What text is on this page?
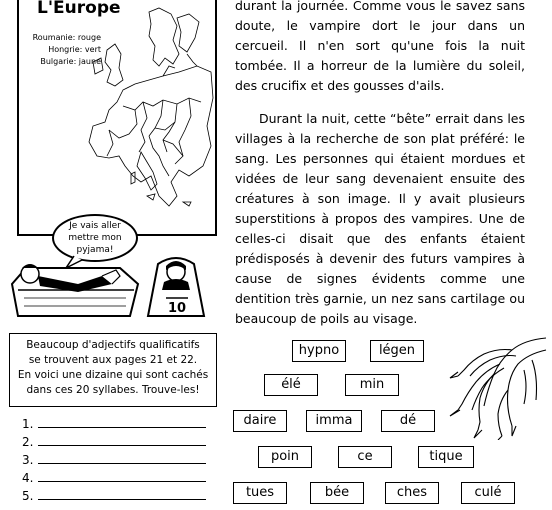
L'Europe
Roumanie: rouge
Hongrie: vert
Bulgarie: jaune
Je vais aller
mettre mon
pyjama!
10

durant la journée. Comme vous le savez sans doute, le vampire dort le jour dans un cercueil. Il n'en sort qu'une fois la nuit tombée. Il a horreur de la lumière du soleil, des crucifix et des gousses d'ails.

Durant la nuit, cette “bête” errait dans les villages à la recherche de son plat préféré: le sang. Les personnes qui étaient mordues et vidées de leur sang devenaient ensuite des créatures à son image. Il y avait plusieurs superstitions à propos des vampires. Une de celles-ci disait que des enfants étaient prédisposés à devenir des futurs vampires à cause de signes évidents comme une dentition très garnie, un nez sans cartilage ou beaucoup de poils au visage.

Beaucoup d'adjectifs qualificatifs
se trouvent aux pages 21 et 22.
En voici une dizaine qui sont cachés
dans ces 20 syllabes. Trouve-les!
1.
2.
3.
4.
5.
hypno	légen
élé	min
daire	imma	dé
poin	ce	tique
tues	bée	ches	culé
